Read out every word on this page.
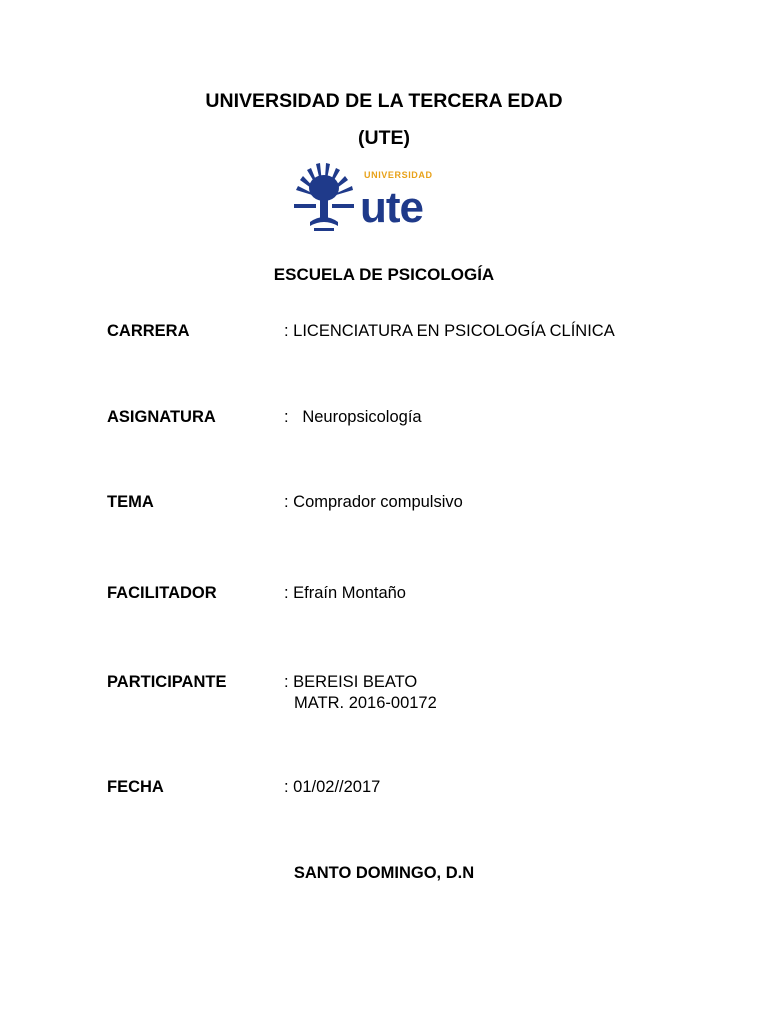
UNIVERSIDAD DE LA TERCERA EDAD
(UTE)
UNIVERSIDAD
ute
ESCUELA DE PSICOLOGÍA
CARRERA	: LICENCIATURA EN PSICOLOGÍA CLÍNICA
ASIGNATURA	:   Neuropsicología
TEMA	: Comprador compulsivo
FACILITADOR	: Efraín Montaño
PARTICIPANTE	: BEREISI BEATO
MATR. 2016-00172
FECHA	: 01/02//2017
SANTO DOMINGO, D.N
